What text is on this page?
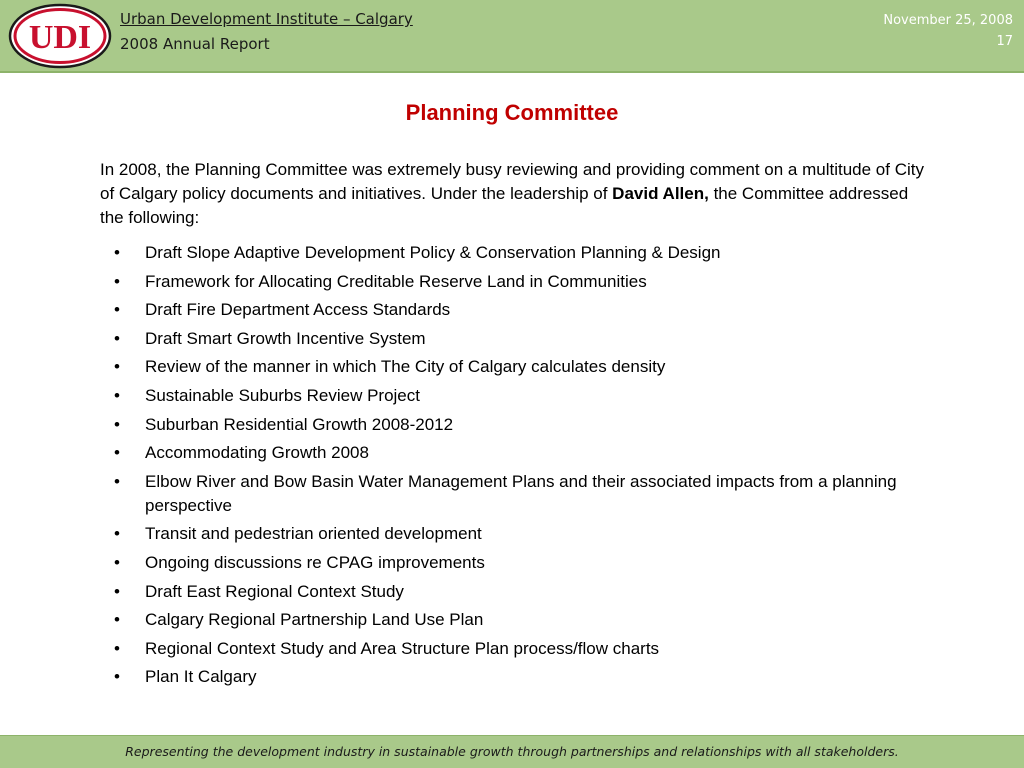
UDI Urban Development Institute – Calgary
2008 Annual Report
November 25, 2008
17
Planning Committee

In 2008, the Planning Committee was extremely busy reviewing and providing comment on a multitude of City of Calgary policy documents and initiatives. Under the leadership of David Allen, the Committee addressed the following:

• Draft Slope Adaptive Development Policy & Conservation Planning & Design
• Framework for Allocating Creditable Reserve Land in Communities
• Draft Fire Department Access Standards
• Draft Smart Growth Incentive System
• Review of the manner in which The City of Calgary calculates density
• Sustainable Suburbs Review Project
• Suburban Residential Growth 2008-2012
• Accommodating Growth 2008
• Elbow River and Bow Basin Water Management Plans and their associated impacts from a planning perspective
• Transit and pedestrian oriented development
• Ongoing discussions re CPAG improvements
• Draft East Regional Context Study
• Calgary Regional Partnership Land Use Plan
• Regional Context Study and Area Structure Plan process/flow charts
• Plan It Calgary
Representing the development industry in sustainable growth through partnerships and relationships with all stakeholders.
